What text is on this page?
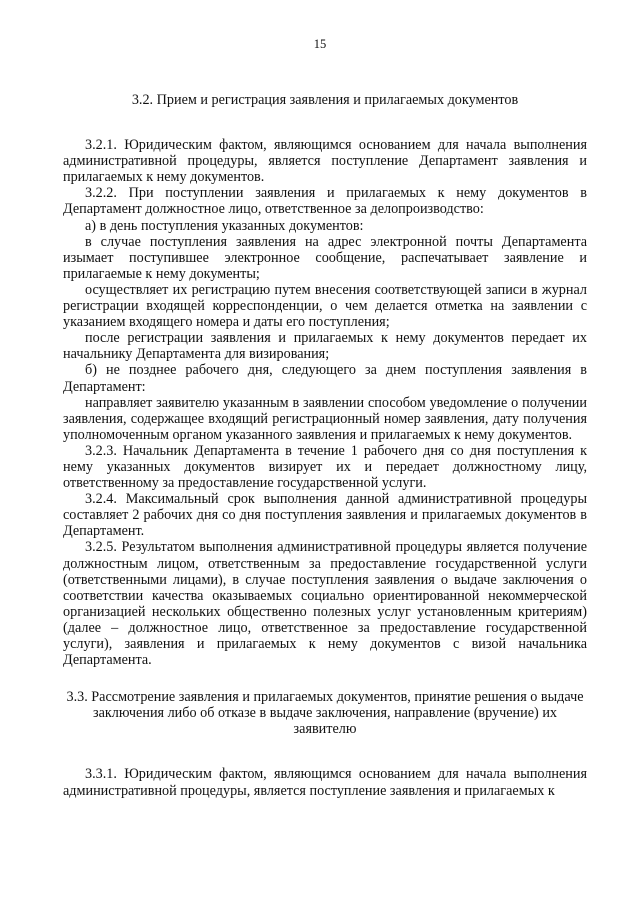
15

3.2. Прием и регистрация заявления и прилагаемых документов

3.2.1. Юридическим фактом, являющимся основанием для начала выполнения административной процедуры, является поступление Департамент заявления и прилагаемых к нему документов.

3.2.2. При поступлении заявления и прилагаемых к нему документов в Департамент должностное лицо, ответственное за делопроизводство:

а) в день поступления указанных документов:

в случае поступления заявления на адрес электронной почты Департамента изымает поступившее электронное сообщение, распечатывает заявление и прилагаемые к нему документы;

осуществляет их регистрацию путем внесения соответствующей записи в журнал регистрации входящей корреспонденции, о чем делается отметка на заявлении с указанием входящего номера и даты его поступления;

после регистрации заявления и прилагаемых к нему документов передает их начальнику Департамента для визирования;

б) не позднее рабочего дня, следующего за днем поступления заявления в Департамент:

направляет заявителю указанным в заявлении способом уведомление о получении заявления, содержащее входящий регистрационный номер заявления, дату получения уполномоченным органом указанного заявления и прилагаемых к нему документов.

3.2.3. Начальник Департамента в течение 1 рабочего дня со дня поступления к нему указанных документов визирует их и передает должностному лицу, ответственному за предоставление государственной услуги.

3.2.4. Максимальный срок выполнения данной административной процедуры составляет 2 рабочих дня со дня поступления заявления и прилагаемых документов в Департамент.

3.2.5. Результатом выполнения административной процедуры является получение должностным лицом, ответственным за предоставление государственной услуги (ответственными лицами), в случае поступления заявления о выдаче заключения о соответствии качества оказываемых социально ориентированной некоммерческой организацией нескольких общественно полезных услуг установленным критериям) (далее – должностное лицо, ответственное за предоставление государственной услуги), заявления и прилагаемых к нему документов с визой начальника Департамента.

3.3. Рассмотрение заявления и прилагаемых документов, принятие решения о выдаче заключения либо об отказе в выдаче заключения, направление (вручение) их заявителю

3.3.1. Юридическим фактом, являющимся основанием для начала выполнения административной процедуры, является поступление заявления и прилагаемых к
